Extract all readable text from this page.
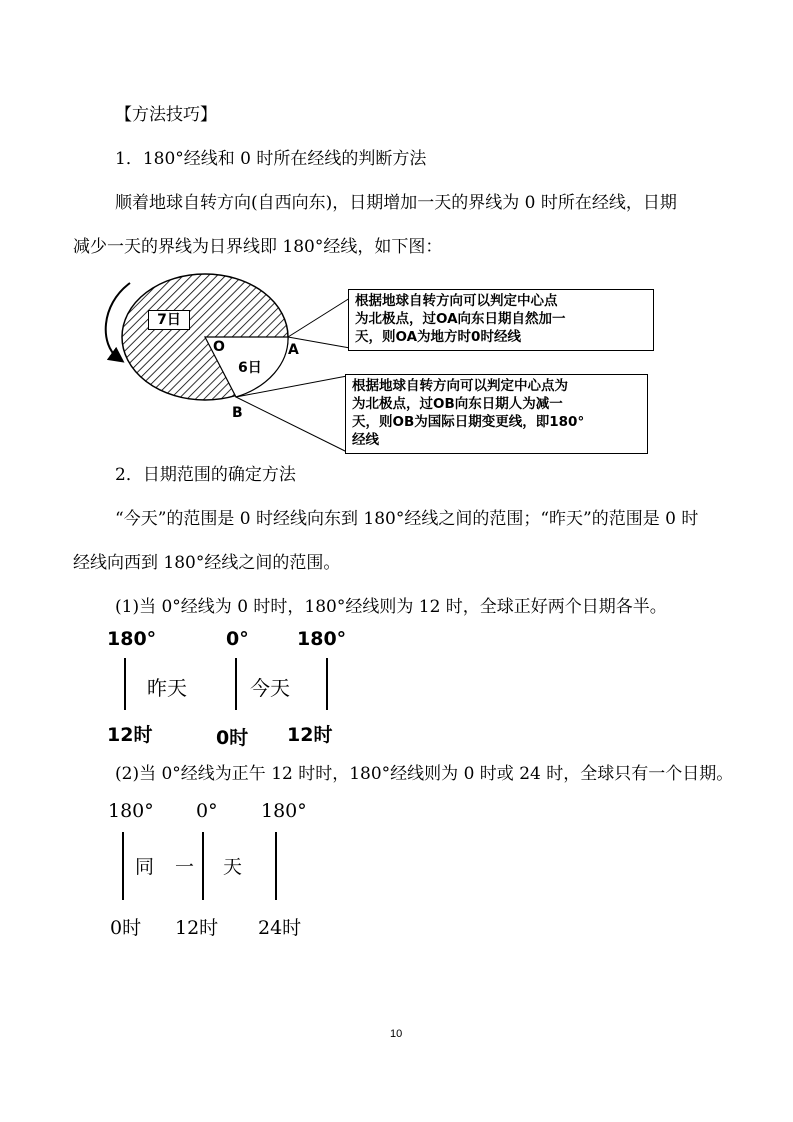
【方法技巧】
1．180°经线和 0 时所在经线的判断方法
顺着地球自转方向(自西向东)，日期增加一天的界线为 0 时所在经线，日期
减少一天的界线为日界线即 180°经线，如下图：
7日
O
6日
A
B
根据地球自转方向可以判定中心点
为北极点，过OA向东日期自然加一
天，则OA为地方时0时经线
根据地球自转方向可以判定中心点为
为北极点，过OB向东日期人为减一
天，则OB为国际日期变更线，即180°
经线
2．日期范围的确定方法
“今天”的范围是 0 时经线向东到 180°经线之间的范围；“昨天”的范围是 0 时
经线向西到 180°经线之间的范围。
(1)当 0°经线为 0 时时，180°经线则为 12 时，全球正好两个日期各半。
180°	0°	180°
昨天	今天
12时	0时 12时
(2)当 0°经线为正午 12 时时，180°经线则为 0 时或 24 时，全球只有一个日期。
180° 0° 180°
同 一 天
0时 12时 24时
10
